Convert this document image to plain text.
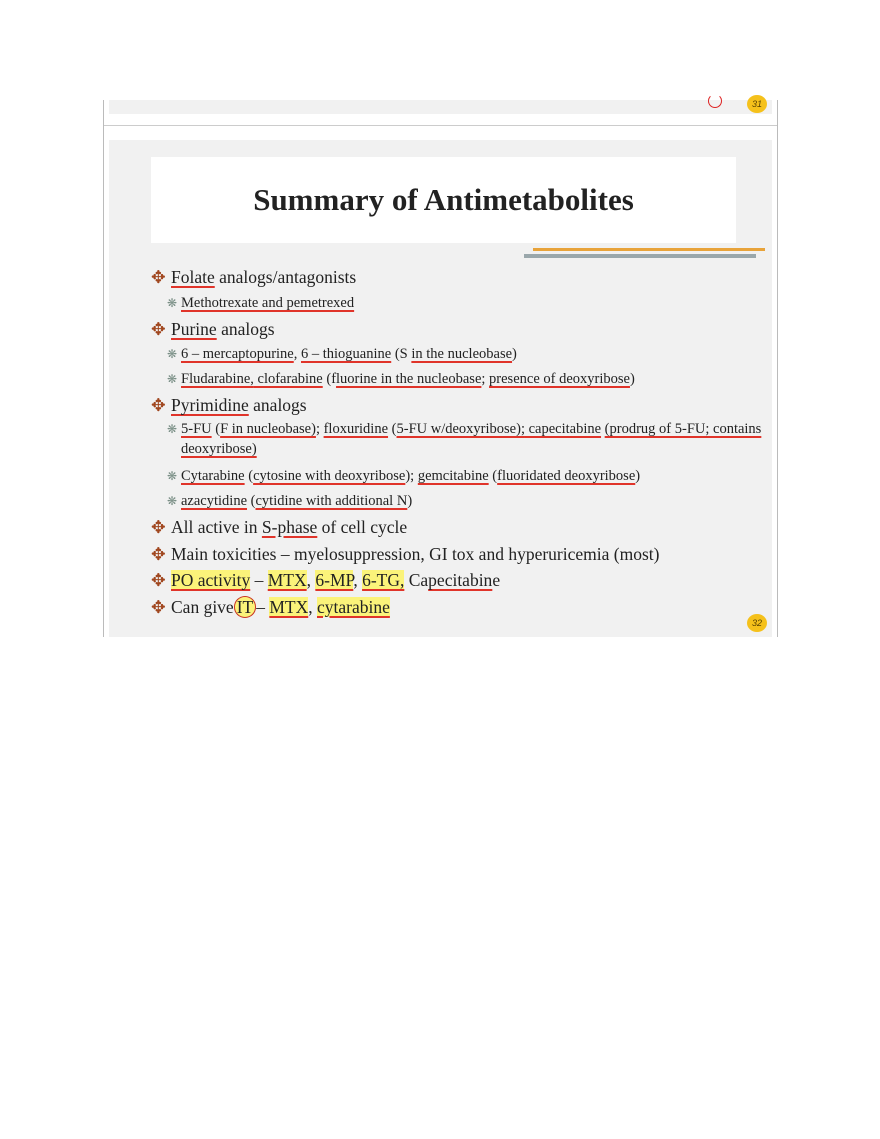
31
Summary of Antimetabolites
✥ Folate analogs/antagonists
❋ Methotrexate and pemetrexed
✥ Purine analogs
❋ 6 – mercaptopurine, 6 – thioguanine (S in the nucleobase)
❋ Fludarabine, clofarabine (fluorine in the nucleobase; presence of deoxyribose)
✥ Pyrimidine analogs
❋ 5-FU (F in nucleobase); floxuridine (5-FU w/deoxyribose); capecitabine (prodrug of 5-FU; contains deoxyribose)
❋ Cytarabine (cytosine with deoxyribose); gemcitabine (fluoridated deoxyribose)
❋ azacytidine (cytidine with additional N)
✥ All active in S-phase of cell cycle
✥ Main toxicities – myelosuppression, GI tox and hyperuricemia (most)
✥ PO activity – MTX, 6-MP, 6-TG, Capecitabine
✥ Can give IT – MTX, cytarabine
32
